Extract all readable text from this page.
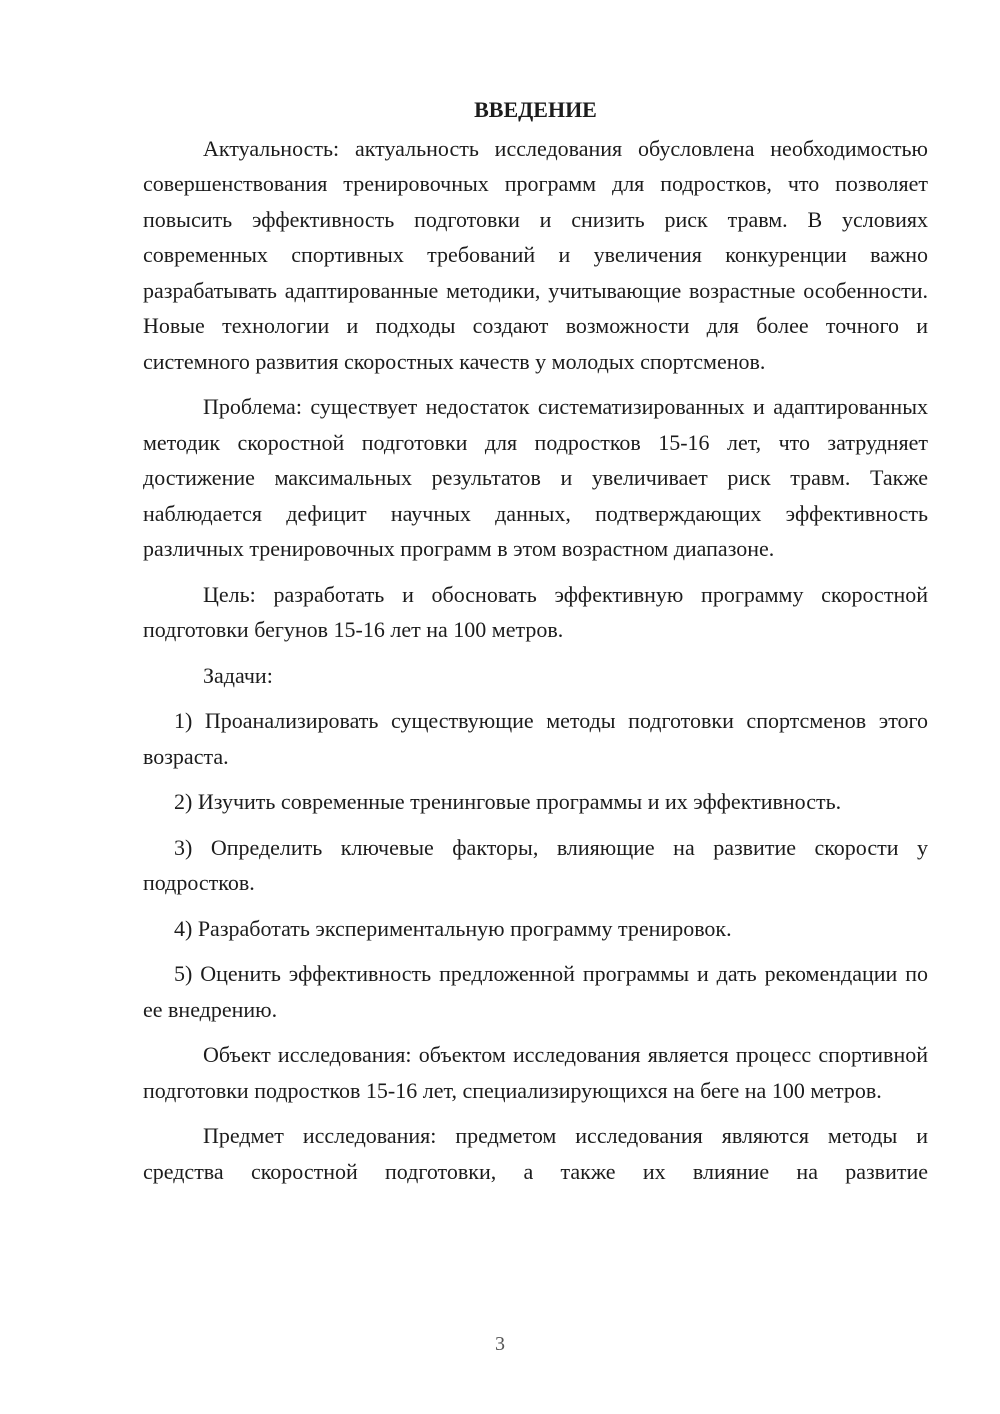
ВВЕДЕНИЕ

Актуальность: актуальность исследования обусловлена необходимостью совершенствования тренировочных программ для подростков, что позволяет повысить эффективность подготовки и снизить риск травм. В условиях современных спортивных требований и увеличения конкуренции важно разрабатывать адаптированные методики, учитывающие возрастные особенности. Новые технологии и подходы создают возможности для более точного и системного развития скоростных качеств у молодых спортсменов.

Проблема: существует недостаток систематизированных и адаптированных методик скоростной подготовки для подростков 15-16 лет, что затрудняет достижение максимальных результатов и увеличивает риск травм. Также наблюдается дефицит научных данных, подтверждающих эффективность различных тренировочных программ в этом возрастном диапазоне.

Цель: разработать и обосновать эффективную программу скоростной подготовки бегунов 15-16 лет на 100 метров.

Задачи:

1) Проанализировать существующие методы подготовки спортсменов этого возраста.

2) Изучить современные тренинговые программы и их эффективность.

3) Определить ключевые факторы, влияющие на развитие скорости у подростков.

4) Разработать экспериментальную программу тренировок.

5) Оценить эффективность предложенной программы и дать рекомендации по ее внедрению.

Объект исследования: объектом исследования является процесс спортивной подготовки подростков 15-16 лет, специализирующихся на беге на 100 метров.

Предмет исследования: предметом исследования являются методы и средства скоростной подготовки, а также их влияние на развитие

3
